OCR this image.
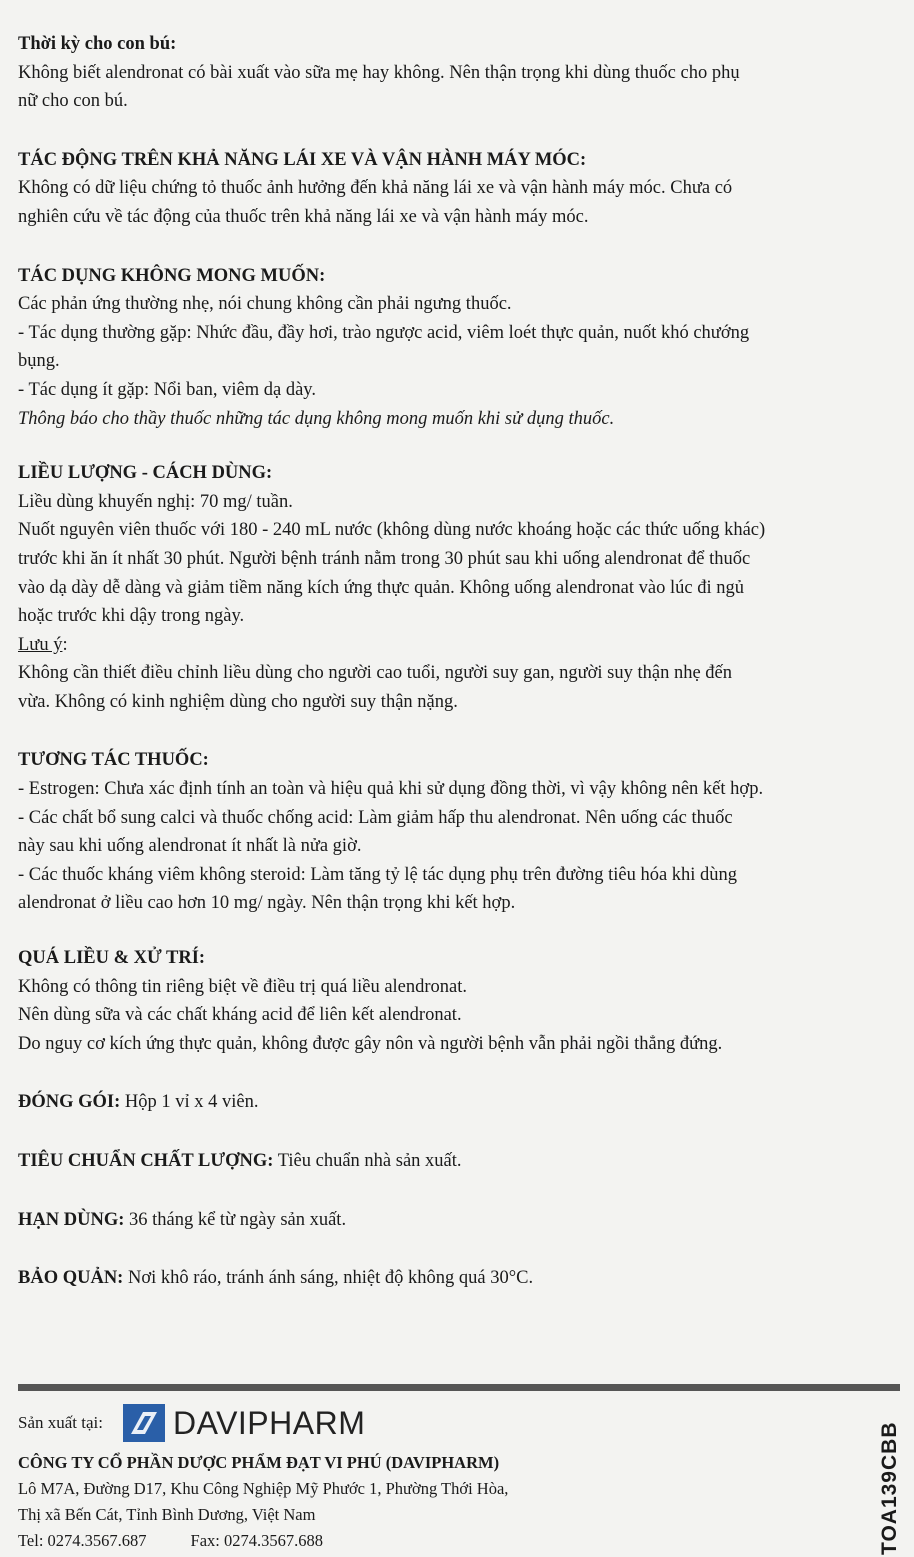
Thời kỳ cho con bú:

Không biết alendronat có bài xuất vào sữa mẹ hay không. Nên thận trọng khi dùng thuốc cho phụ

nữ cho con bú.

TÁC ĐỘNG TRÊN KHẢ NĂNG LÁI XE VÀ VẬN HÀNH MÁY MÓC:

Không có dữ liệu chứng tỏ thuốc ảnh hưởng đến khả năng lái xe và vận hành máy móc. Chưa có

nghiên cứu về tác động của thuốc trên khả năng lái xe và vận hành máy móc.

TÁC DỤNG KHÔNG MONG MUỐN:

Các phản ứng thường nhẹ, nói chung không cần phải ngưng thuốc.

- Tác dụng thường gặp: Nhức đầu, đầy hơi, trào ngược acid, viêm loét thực quản, nuốt khó chướng

bụng.

- Tác dụng ít gặp: Nổi ban, viêm dạ dày.

Thông báo cho thầy thuốc những tác dụng không mong muốn khi sử dụng thuốc.

LIỀU LƯỢNG - CÁCH DÙNG:

Liều dùng khuyến nghị: 70 mg/ tuần.

Nuốt nguyên viên thuốc với 180 - 240 mL nước (không dùng nước khoáng hoặc các thức uống khác)

trước khi ăn ít nhất 30 phút. Người bệnh tránh nằm trong 30 phút sau khi uống alendronat để thuốc

vào dạ dày dễ dàng và giảm tiềm năng kích ứng thực quản. Không uống alendronat vào lúc đi ngủ

hoặc trước khi dậy trong ngày.

Lưu ý:

Không cần thiết điều chỉnh liều dùng cho người cao tuổi, người suy gan, người suy thận nhẹ đến

vừa. Không có kinh nghiệm dùng cho người suy thận nặng.

TƯƠNG TÁC THUỐC:

- Estrogen: Chưa xác định tính an toàn và hiệu quả khi sử dụng đồng thời, vì vậy không nên kết hợp.

- Các chất bổ sung calci và thuốc chống acid: Làm giảm hấp thu alendronat. Nên uống các thuốc

này sau khi uống alendronat ít nhất là nửa giờ.

- Các thuốc kháng viêm không steroid: Làm tăng tỷ lệ tác dụng phụ trên đường tiêu hóa khi dùng

alendronat ở liều cao hơn 10 mg/ ngày. Nên thận trọng khi kết hợp.

QUÁ LIỀU & XỬ TRÍ:

Không có thông tin riêng biệt về điều trị quá liều alendronat.

Nên dùng sữa và các chất kháng acid để liên kết alendronat.

Do nguy cơ kích ứng thực quản, không được gây nôn và người bệnh vẫn phải ngồi thẳng đứng.

ĐÓNG GÓI: Hộp 1 vỉ x 4 viên.

TIÊU CHUẨN CHẤT LƯỢNG: Tiêu chuẩn nhà sản xuất.

HẠN DÙNG: 36 tháng kể từ ngày sản xuất.

BẢO QUẢN: Nơi khô ráo, tránh ánh sáng, nhiệt độ không quá 30°C.

Sản xuất tại: DAVIPHARM
CÔNG TY CỔ PHẦN DƯỢC PHẨM ĐẠT VI PHÚ (DAVIPHARM)

Lô M7A, Đường D17, Khu Công Nghiệp Mỹ Phước 1, Phường Thới Hòa,

Thị xã Bến Cát, Tỉnh Bình Dương, Việt Nam

Tel: 0274.3567.687	Fax: 0274.3567.688	TOA139CBB
